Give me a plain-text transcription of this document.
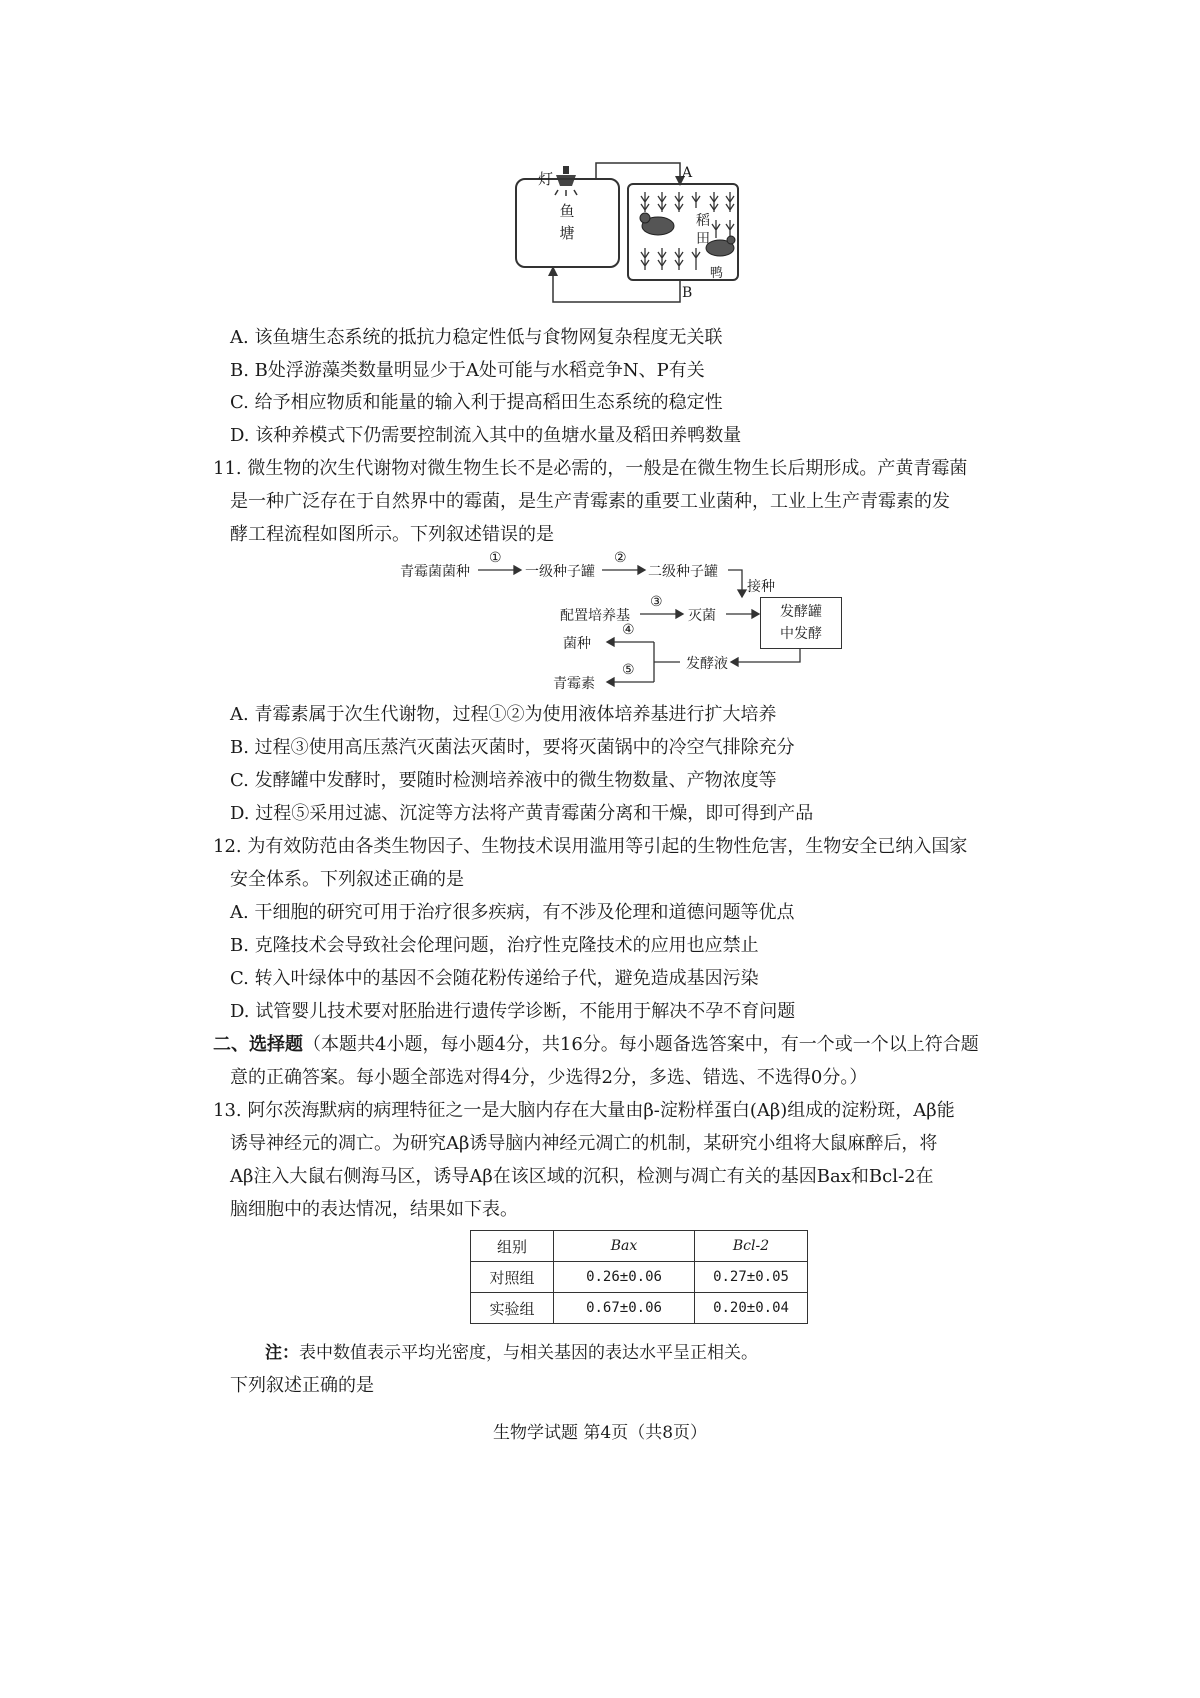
鱼塘
稻田
鸭
灯	A
B
A. 该鱼塘生态系统的抵抗力稳定性低与食物网复杂程度无关联
B. B处浮游藻类数量明显少于A处可能与水稻竞争N、P有关
C. 给予相应物质和能量的输入利于提高稻田生态系统的稳定性
D. 该种养模式下仍需要控制流入其中的鱼塘水量及稻田养鸭数量
11. 微生物的次生代谢物对微生物生长不是必需的，一般是在微生物生长后期形成。产黄青霉菌
是一种广泛存在于自然界中的霉菌，是生产青霉素的重要工业菌种，工业上生产青霉素的发
酵工程流程如图所示。下列叙述错误的是
青霉菌菌种
①
一级种子罐
②
二级种子罐
接种
配置培养基
③
灭菌	发酵罐
中发酵
发酵液
④
菌种
⑤
青霉素
A. 青霉素属于次生代谢物，过程①②为使用液体培养基进行扩大培养
B. 过程③使用高压蒸汽灭菌法灭菌时，要将灭菌锅中的冷空气排除充分
C. 发酵罐中发酵时，要随时检测培养液中的微生物数量、产物浓度等
D. 过程⑤采用过滤、沉淀等方法将产黄青霉菌分离和干燥，即可得到产品
12. 为有效防范由各类生物因子、生物技术误用滥用等引起的生物性危害，生物安全已纳入国家
安全体系。下列叙述正确的是
A. 干细胞的研究可用于治疗很多疾病，有不涉及伦理和道德问题等优点
B. 克隆技术会导致社会伦理问题，治疗性克隆技术的应用也应禁止
C. 转入叶绿体中的基因不会随花粉传递给子代，避免造成基因污染
D. 试管婴儿技术要对胚胎进行遗传学诊断，不能用于解决不孕不育问题
二、选择题（本题共4小题，每小题4分，共16分。每小题备选答案中，有一个或一个以上符合题
意的正确答案。每小题全部选对得4分，少选得2分，多选、错选、不选得0分。）
13. 阿尔茨海默病的病理特征之一是大脑内存在大量由β-淀粉样蛋白(Aβ)组成的淀粉斑，Aβ能
诱导神经元的凋亡。为研究Aβ诱导脑内神经元凋亡的机制，某研究小组将大鼠麻醉后，将
Aβ注入大鼠右侧海马区，诱导Aβ在该区域的沉积，检测与凋亡有关的基因Bax和Bcl-2在
脑细胞中的表达情况，结果如下表。
组别	Bax	Bcl-2
对照组	0.26±0.06	0.27±0.05
实验组	0.67±0.06	0.20±0.04
注：表中数值表示平均光密度，与相关基因的表达水平呈正相关。
下列叙述正确的是
生物学试题 第4页（共8页）
